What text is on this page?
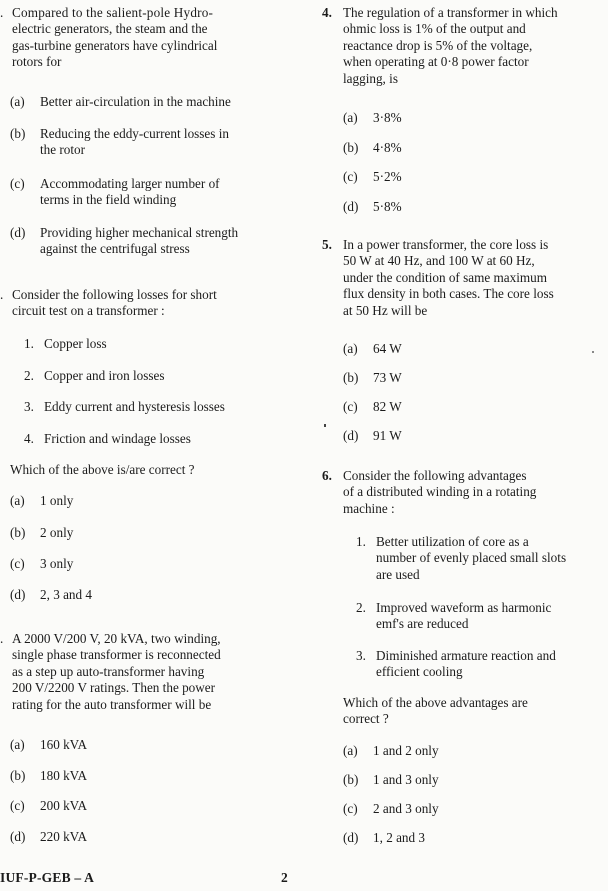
. Compared to the salient-pole Hydro-
electric generators, the steam and the
gas-turbine generators have cylindrical
rotors for
(a)	Better air-circulation in the machine
(b)	Reducing the eddy-current losses in
the rotor
(c)	Accommodating larger number of
terms in the field winding
(d)	Providing higher mechanical strength
against the centrifugal stress
. Consider the following losses for short
circuit test on a transformer :
1. Copper loss
2. Copper and iron losses
3. Eddy current and hysteresis losses
4. Friction and windage losses
Which of the above is/are correct ?
(a)	1 only
(b)	2 only
(c)	3 only
(d)	2, 3 and 4
. A 2000 V/200 V, 20 kVA, two winding,
single phase transformer is reconnected
as a step up auto-transformer having
200 V/2200 V ratings. Then the power
rating for the auto transformer will be
(a)	160 kVA
(b)	180 kVA
(c)	200 kVA
(d)	220 kVA
4. The regulation of a transformer in which
ohmic loss is 1% of the output and
reactance drop is 5% of the voltage,
when operating at 0·8 power factor
lagging, is
(a)	3·8%
(b)	4·8%
(c)	5·2%
(d)	5·8%
5. In a power transformer, the core loss is
50 W at 40 Hz, and 100 W at 60 Hz,
under the condition of same maximum
flux density in both cases. The core loss
at 50 Hz will be
(a)	64 W
(b)	73 W
(c)	82 W
(d)	91 W
6. Consider the following advantages
of a distributed winding in a rotating
machine :
1. Better utilization of core as a
number of evenly placed small slots
are used
2. Improved waveform as harmonic
emf's are reduced
3. Diminished armature reaction and
efficient cooling
Which of the above advantages are
correct ?
(a)	1 and 2 only
(b)	1 and 3 only
(c)	2 and 3 only
(d)	1, 2 and 3
IUF-P-GEB – A	2
